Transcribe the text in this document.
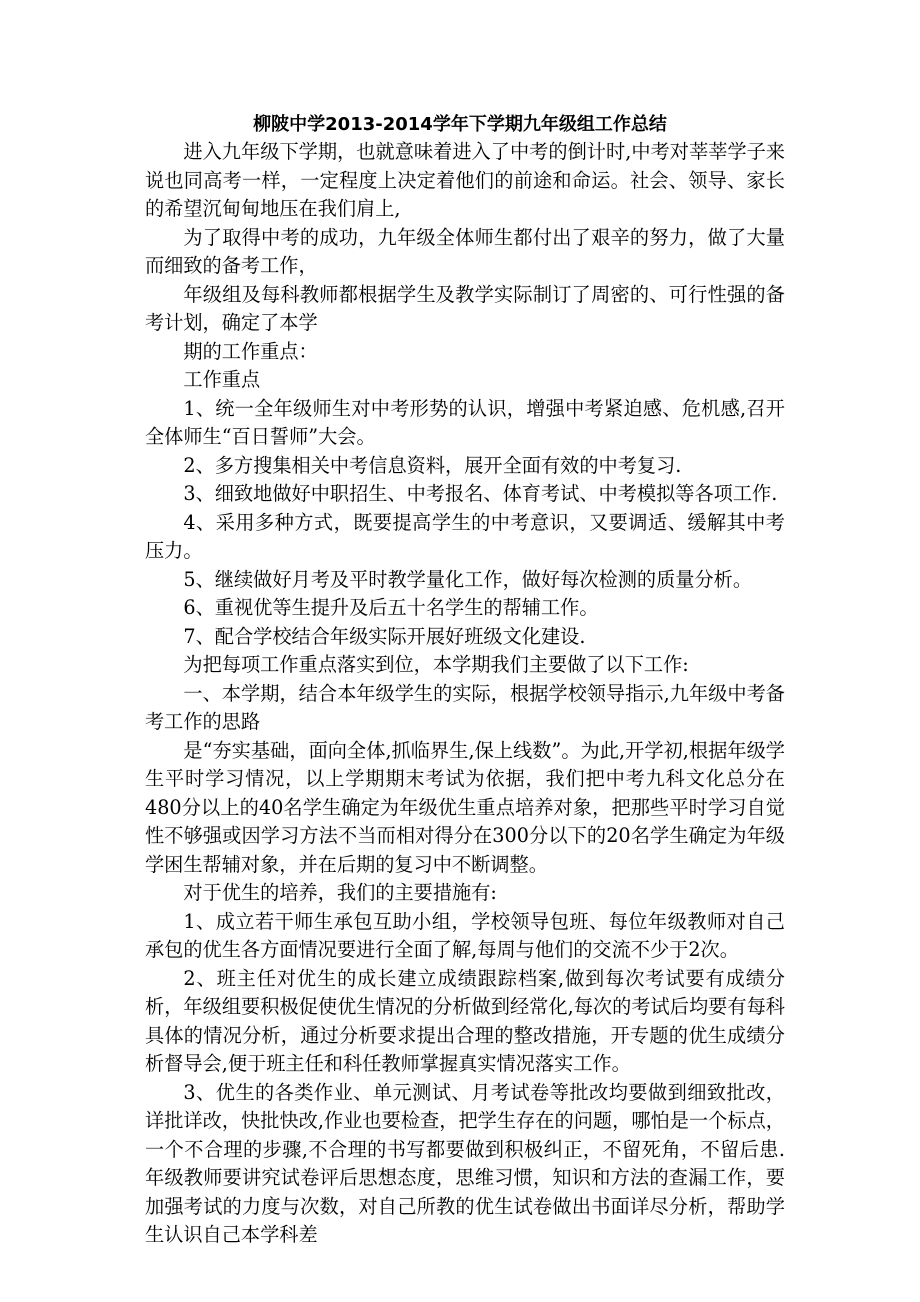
柳陂中学2013-2014学年下学期九年级组工作总结

进入九年级下学期，也就意味着进入了中考的倒计时,中考对莘莘学子来说也同高考一样，一定程度上决定着他们的前途和命运。社会、领导、家长的希望沉甸甸地压在我们肩上,

为了取得中考的成功，九年级全体师生都付出了艰辛的努力，做了大量而细致的备考工作，

年级组及每科教师都根据学生及教学实际制订了周密的、可行性强的备考计划，确定了本学

期的工作重点：

工作重点

1、统一全年级师生对中考形势的认识，增强中考紧迫感、危机感,召开全体师生“百日誓师”大会。

2、多方搜集相关中考信息资料，展开全面有效的中考复习.

3、细致地做好中职招生、中考报名、体育考试、中考模拟等各项工作.

4、采用多种方式，既要提高学生的中考意识，又要调适、缓解其中考压力。

5、继续做好月考及平时教学量化工作，做好每次检测的质量分析。

6、重视优等生提升及后五十名学生的帮辅工作。

7、配合学校结合年级实际开展好班级文化建设.

为把每项工作重点落实到位，本学期我们主要做了以下工作:

一、本学期，结合本年级学生的实际，根据学校领导指示,九年级中考备考工作的思路

是“夯实基础，面向全体,抓临界生,保上线数”。为此,开学初,根据年级学生平时学习情况，以上学期期末考试为依据，我们把中考九科文化总分在480分以上的40名学生确定为年级优生重点培养对象，把那些平时学习自觉性不够强或因学习方法不当而相对得分在300分以下的20名学生确定为年级学困生帮辅对象，并在后期的复习中不断调整。

对于优生的培养，我们的主要措施有:

1、成立若干师生承包互助小组，学校领导包班、每位年级教师对自己承包的优生各方面情况要进行全面了解,每周与他们的交流不少于2次。

2、班主任对优生的成长建立成绩跟踪档案,做到每次考试要有成绩分析，年级组要积极促使优生情况的分析做到经常化,每次的考试后均要有每科具体的情况分析，通过分析要求提出合理的整改措施，开专题的优生成绩分析督导会,便于班主任和科任教师掌握真实情况落实工作。

3、优生的各类作业、单元测试、月考试卷等批改均要做到细致批改，详批详改，快批快改,作业也要检查，把学生存在的问题，哪怕是一个标点，一个不合理的步骤,不合理的书写都要做到积极纠正，不留死角，不留后患.年级教师要讲究试卷评后思想态度，思维习惯，知识和方法的查漏工作，要加强考试的力度与次数，对自己所教的优生试卷做出书面详尽分析，帮助学生认识自己本学科差
